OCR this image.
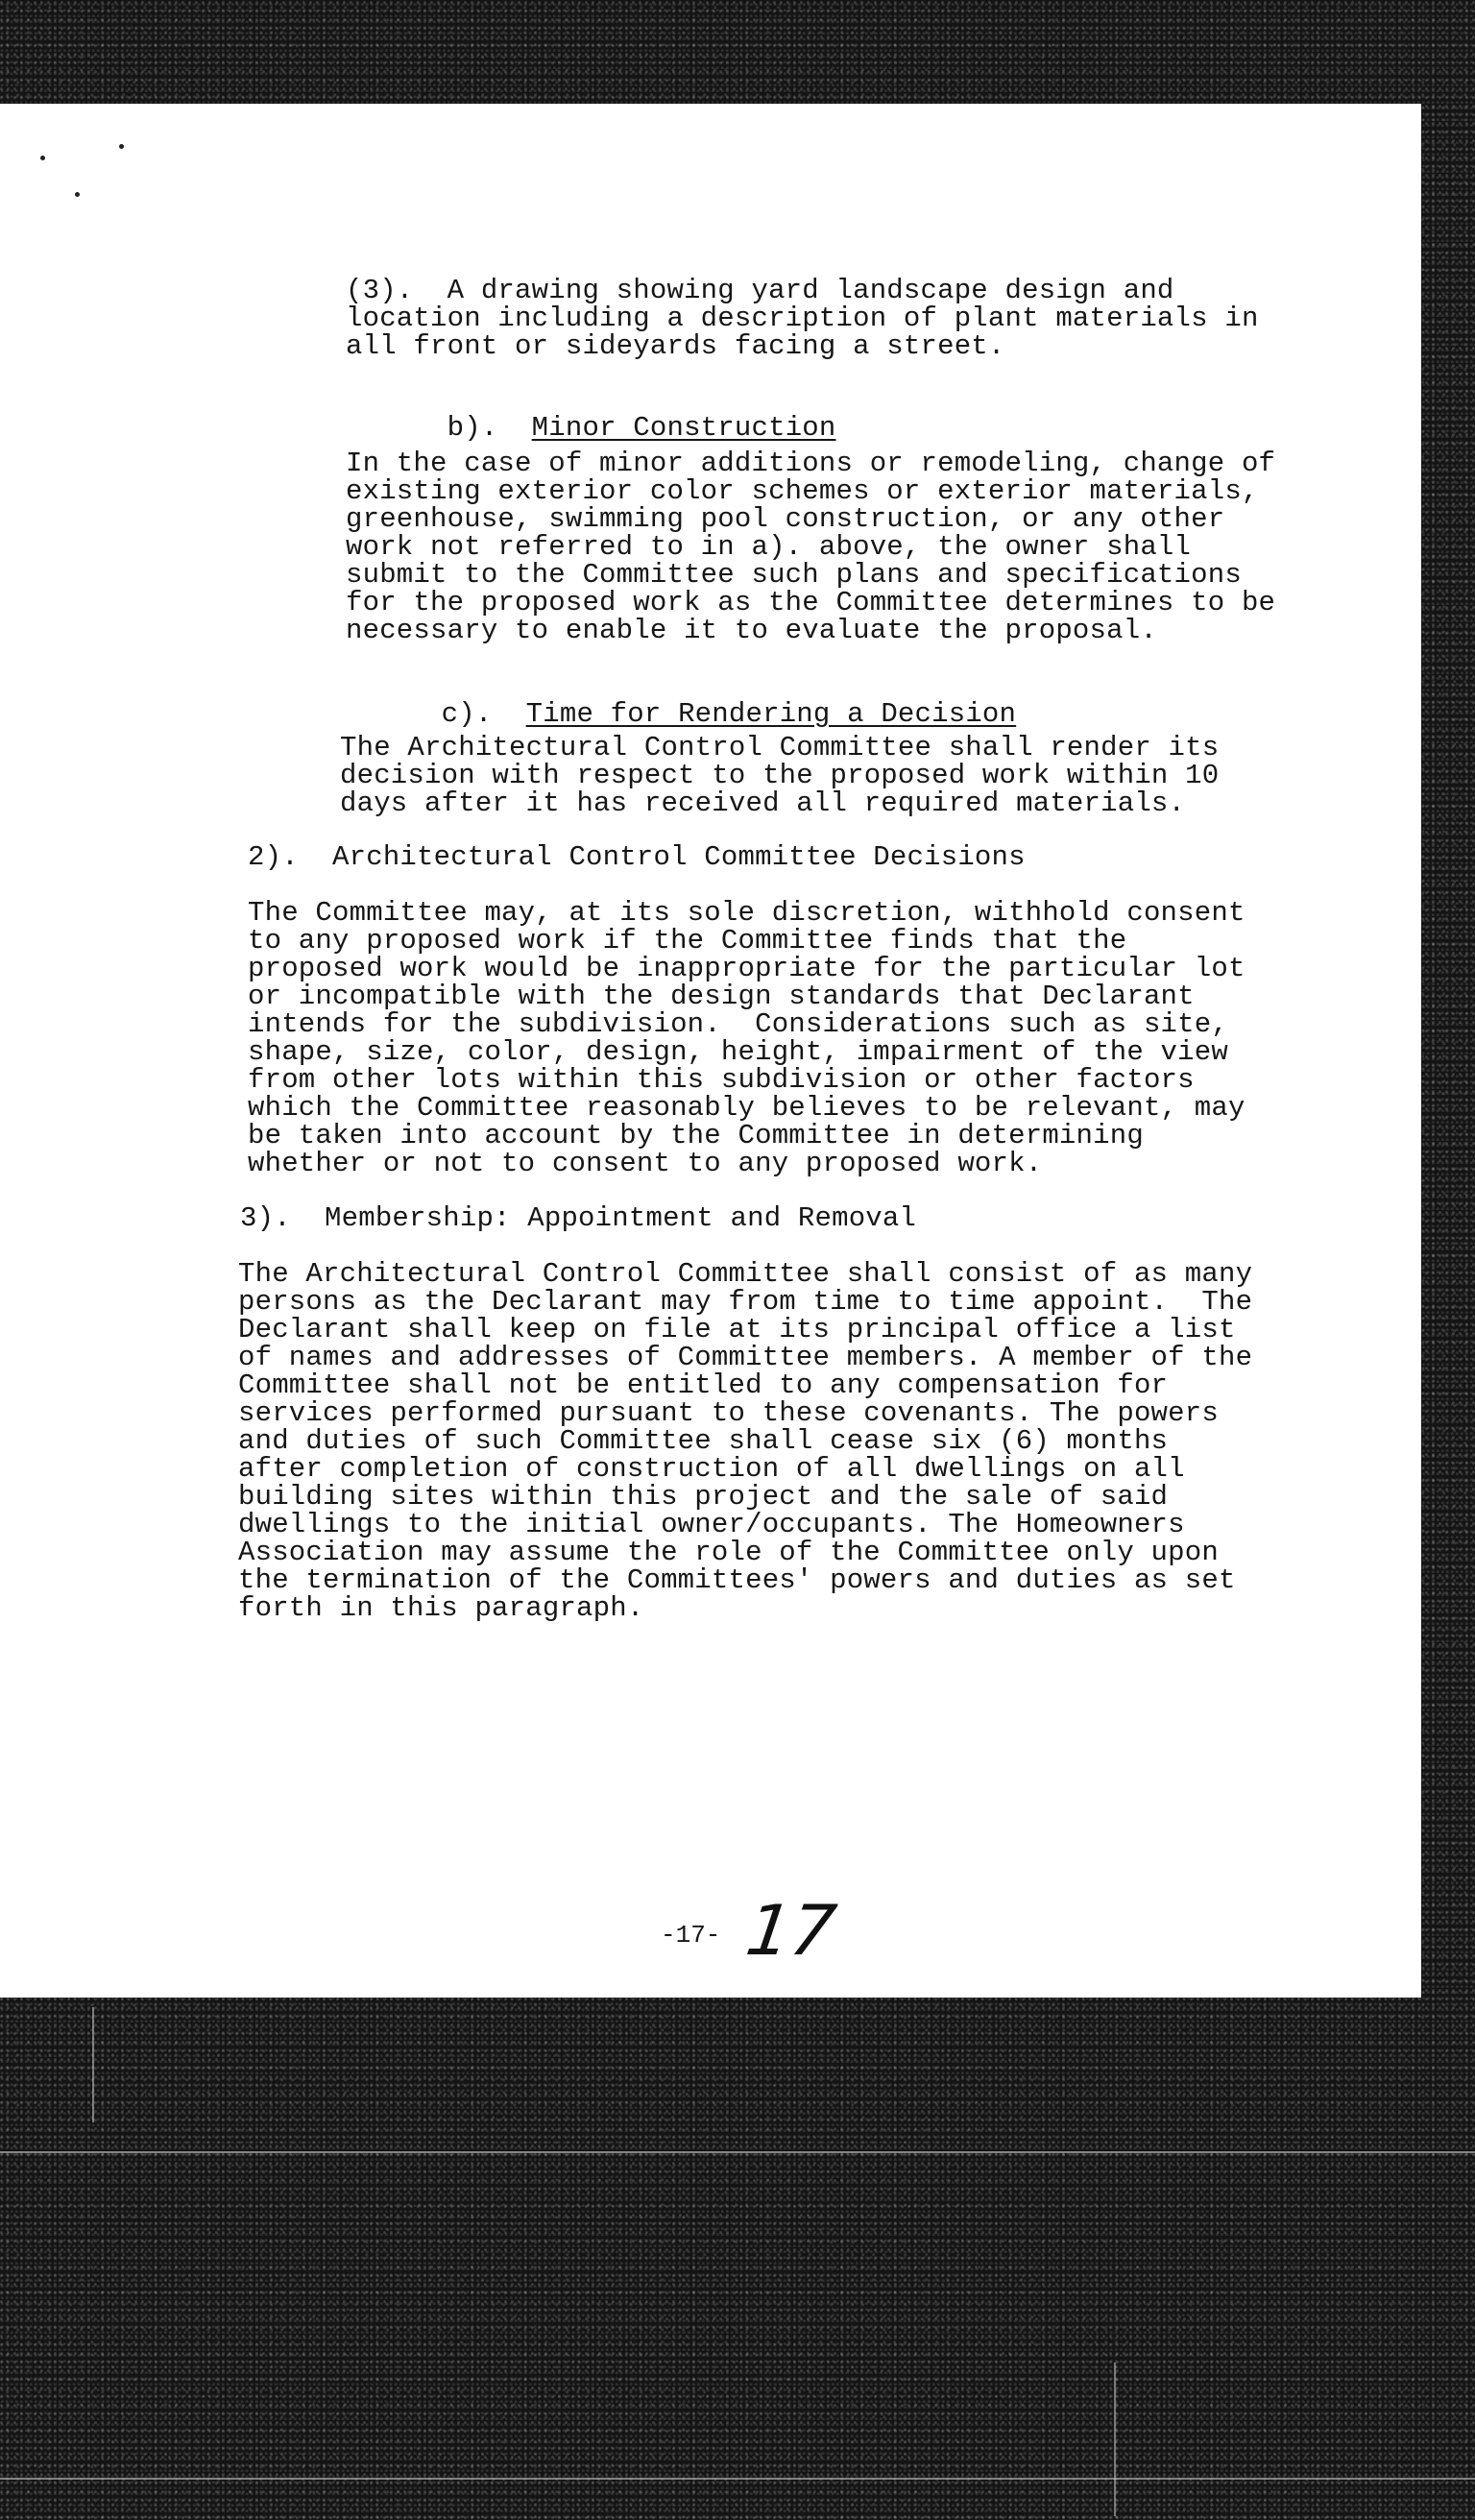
(3).  A drawing showing yard landscape design and
location including a description of plant materials in
all front or sideyards facing a street.

b). Minor Construction

In the case of minor additions or remodeling, change of
existing exterior color schemes or exterior materials,
greenhouse, swimming pool construction, or any other
work not referred to in a). above, the owner shall
submit to the Committee such plans and specifications
for the proposed work as the Committee determines to be
necessary to enable it to evaluate the proposal.

c). Time for Rendering a Decision

The Architectural Control Committee shall render its
decision with respect to the proposed work within 10
days after it has received all required materials.
2).  Architectural Control Committee Decisions
The Committee may, at its sole discretion, withhold consent
to any proposed work if the Committee finds that the
proposed work would be inappropriate for the particular lot
or incompatible with the design standards that Declarant
intends for the subdivision.  Considerations such as site,
shape, size, color, design, height, impairment of the view
from other lots within this subdivision or other factors
which the Committee reasonably believes to be relevant, may
be taken into account by the Committee in determining
whether or not to consent to any proposed work.
3).  Membership: Appointment and Removal
The Architectural Control Committee shall consist of as many
persons as the Declarant may from time to time appoint.  The
Declarant shall keep on file at its principal office a list
of names and addresses of Committee members. A member of the
Committee shall not be entitled to any compensation for
services performed pursuant to these covenants. The powers
and duties of such Committee shall cease six (6) months
after completion of construction of all dwellings on all
building sites within this project and the sale of said
dwellings to the initial owner/occupants. The Homeowners
Association may assume the role of the Committee only upon
the termination of the Committees' powers and duties as set
forth in this paragraph.
-17- 17
